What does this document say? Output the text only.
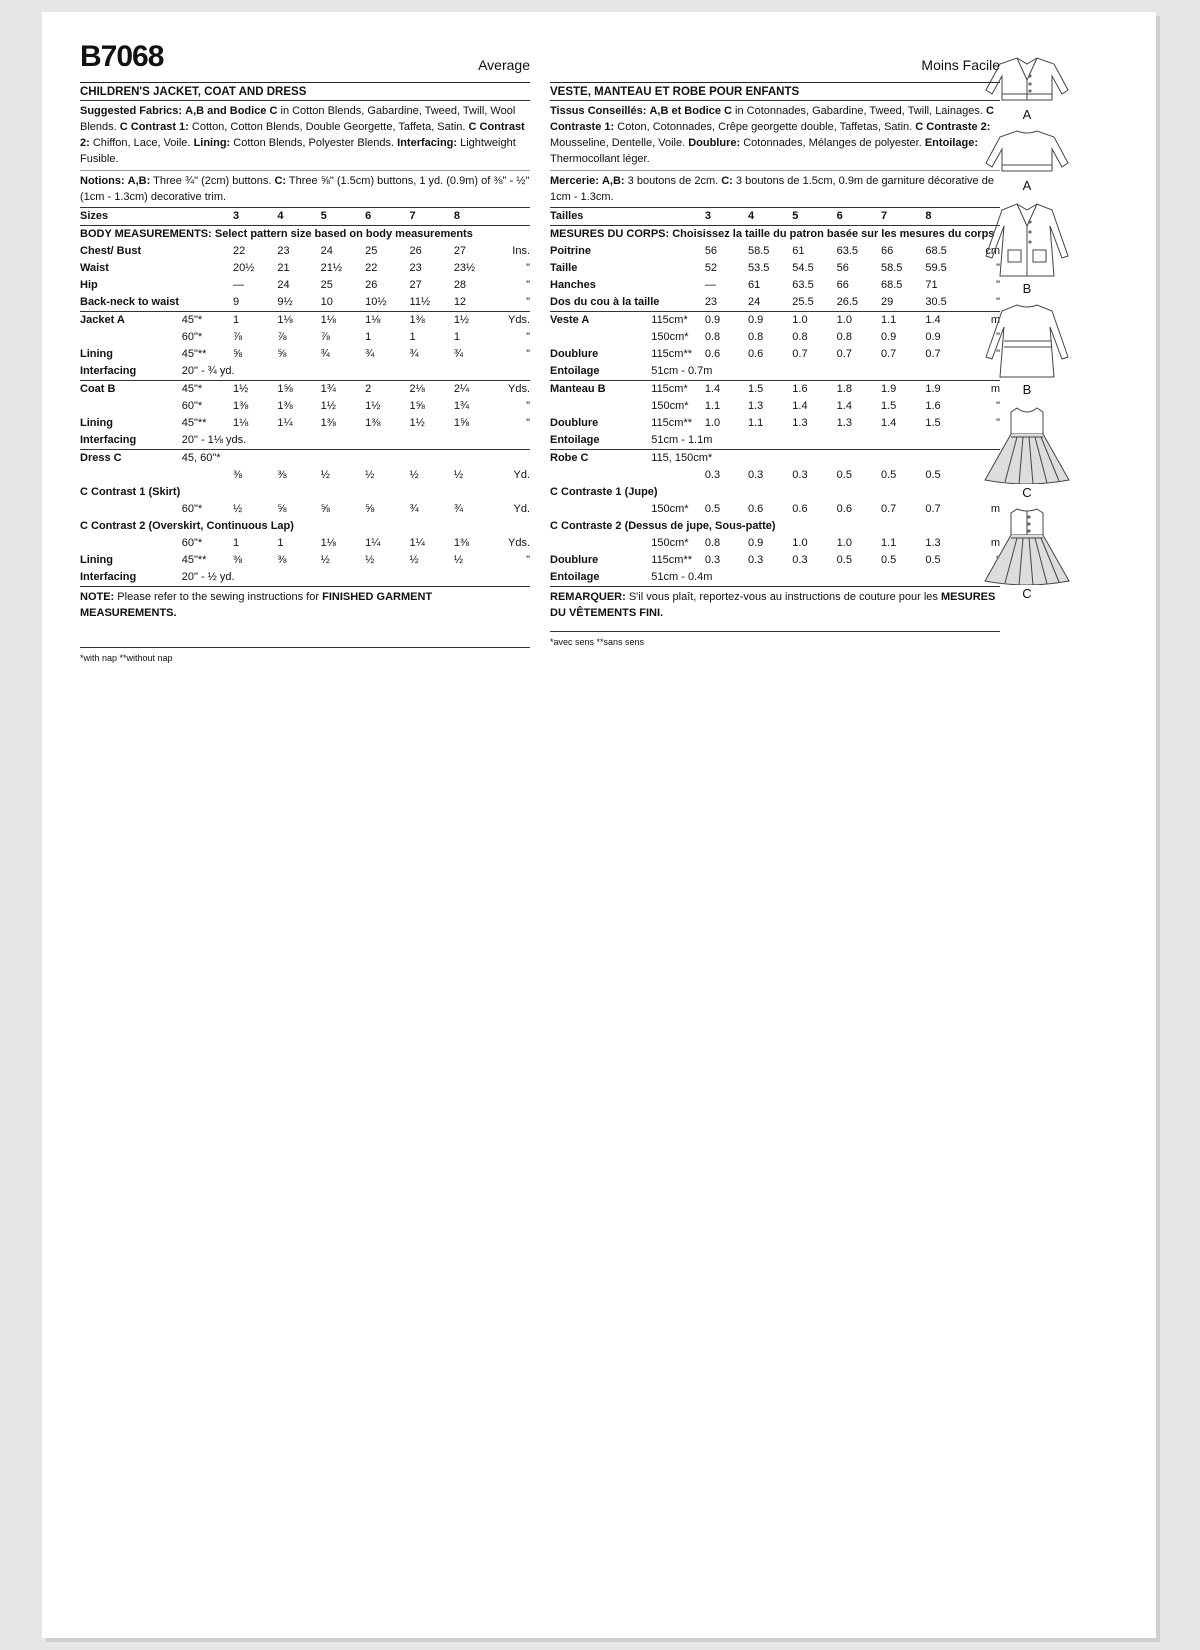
B7068	Average
CHILDREN'S JACKET, COAT AND DRESS
Suggested Fabrics: A,B and Bodice C in Cotton Blends, Gabardine, Tweed, Twill, Wool Blends. C Contrast 1: Cotton, Cotton Blends, Double Georgette, Taffeta, Satin. C Contrast 2: Chiffon, Lace, Voile. Lining: Cotton Blends, Polyester Blends. Interfacing: Lightweight Fusible.
Notions: A,B: Three ¾" (2cm) buttons. C: Three ⅝" (1.5cm) buttons, 1 yd. (0.9m) of ⅜" - ½" (1cm - 1.3cm) decorative trim.
Sizes		3	4	5	6	7	8	
BODY MEASUREMENTS: Select pattern size based on body measurements								
Chest/ Bust		22	23	24	25	26	27	Ins.
Waist		20½	21	21½	22	23	23½	"
Hip		—	24	25	26	27	28	"
Back-neck to waist		9	9½	10	10½	11½	12	"
Jacket A	45"*	1	1⅛	1⅛	1⅛	1⅜	1½	Yds.
	60"*	⅞	⅞	⅞	1	1	1	"
Lining	45"**	⅝	⅝	¾	¾	¾	¾	"
Interfacing	20" - ¾ yd.							
Coat B	45"*	1½	1⅝	1¾	2	2⅛	2¼	Yds.
	60"*	1⅜	1⅜	1½	1½	1⅝	1¾	"
Lining	45"**	1⅛	1¼	1⅜	1⅜	1½	1⅝	"
Interfacing	20" - 1⅛ yds.							
Dress C	45, 60"*							
		⅜	⅜	½	½	½	½	Yd.
C Contrast 1 (Skirt)								
	60"*	½	⅝	⅝	⅝	¾	¾	Yd.
C Contrast 2 (Overskirt, Continuous Lap)								
	60"*	1	1	1⅛	1¼	1¼	1⅜	Yds.
Lining	45"**	⅜	⅜	½	½	½	½	"
Interfacing	20" - ½ yd.							
NOTE: Please refer to the sewing instructions for FINISHED GARMENT MEASUREMENTS.
*with nap **without nap
Moins Facile
VESTE, MANTEAU ET ROBE POUR ENFANTS
Tissus Conseillés: A,B et Bodice C in Cotonnades, Gabardine, Tweed, Twill, Lainages. C Contraste 1: Coton, Cotonnades, Crêpe georgette double, Taffetas, Satin. C Contraste 2: Mousseline, Dentelle, Voile. Doublure: Cotonnades, Mélanges de polyester. Entoilage: Thermocollant léger.
Mercerie: A,B: 3 boutons de 2cm. C: 3 boutons de 1.5cm, 0.9m de garniture décorative de 1cm - 1.3cm.
Tailles		3	4	5	6	7	8	
MESURES DU CORPS: Choisissez la taille du patron basée sur les mesures du corps								
Poitrine		56	58.5	61	63.5	66	68.5	cm
Taille		52	53.5	54.5	56	58.5	59.5	"
Hanches		—	61	63.5	66	68.5	71	"
Dos du cou à la taille		23	24	25.5	26.5	29	30.5	"
Veste A	115cm*	0.9	0.9	1.0	1.0	1.1	1.4	m
	150cm*	0.8	0.8	0.8	0.8	0.9	0.9	"
Doublure	115cm**	0.6	0.6	0.7	0.7	0.7	0.7	"
Entoilage	51cm - 0.7m							
Manteau B	115cm*	1.4	1.5	1.6	1.8	1.9	1.9	m
	150cm*	1.1	1.3	1.4	1.4	1.5	1.6	"
Doublure	115cm**	1.0	1.1	1.3	1.3	1.4	1.5	"
Entoilage	51cm - 1.1m							
Robe C	115, 150cm*							
		0.3	0.3	0.3	0.5	0.5	0.5	
C Contraste 1 (Jupe)								
	150cm*	0.5	0.6	0.6	0.6	0.7	0.7	m
C Contraste 2 (Dessus de jupe, Sous-patte)								
	150cm*	0.8	0.9	1.0	1.0	1.1	1.3	m
Doublure	115cm**	0.3	0.3	0.3	0.5	0.5	0.5	
Entoilage	51cm - 0.4m							
REMARQUER: S'il vous plaît, reportez-vous au instructions de couture pour les MESURES DU VÊTEMENTS FINI.
*avec sens **sans sens
A
A
B
B
C
C
